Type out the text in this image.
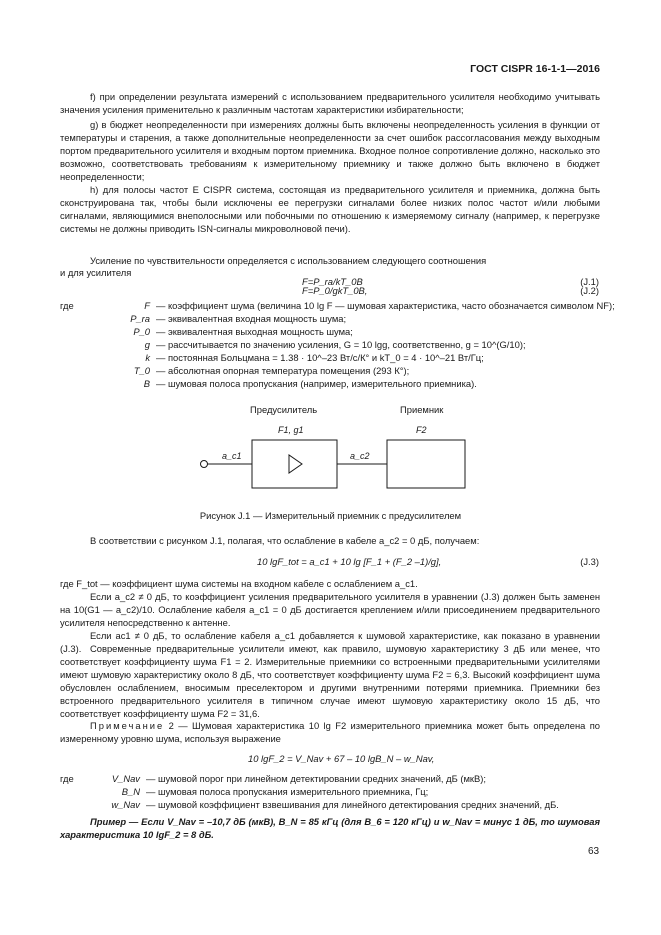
ГОСТ CISPR 16-1-1—2016
f) при определении результата измерений с использованием предварительного усилителя необходимо учитывать значения усиления применительно к различным частотам характеристики избирательности;
g) в бюджет неопределенности при измерениях должны быть включены неопределенность усиления в функции от температуры и старения, а также дополнительные неопределенности за счет ошибок рассогласования между выходным портом предварительного усилителя и входным портом приемника. Входное полное сопротивление должно, насколько это возможно, соответствовать требованиям к измерительному приемнику и также должно быть включено в бюджет неопределенности;
h) для полосы частот E CISPR система, состоящая из предварительного усилителя и приемника, должна быть сконструирована так, чтобы были исключены ее перегрузки сигналами более низких полос частот и/или любыми сигналами, являющимися внеполосными или побочными по отношению к измеряемому сигналу (например, к перегрузке системы не должны приводить ISN-сигналы микроволновой печи).
Усиление по чувствительности определяется с использованием следующего соотношения
F=P_ra/kT_0B	(J.1)
и для усилителя
F=P_0/gkT_0B,	(J.2)
где	F — коэффициент шума (величина 10 lg F — шумовая характеристика, часто обозначается символом NF);
P_ra — эквивалентная входная мощность шума;
P_0 — эквивалентная выходная мощность шума;
g — рассчитывается по значению усиления, G = 10 lgg, соответственно, g = 10^(G/10);
k — постоянная Больцмана = 1.38 · 10^–23 Вт/с/К° и kT_0 = 4 · 10^–21 Вт/Гц;
T_0 — абсолютная опорная температура помещения (293 К°);
B — шумовая полоса пропускания (например, измерительного приемника).
Предусилитель	Приемник
F1, g1	F2
a_c1	a_c2
Рисунок J.1 — Измерительный приемник с предусилителем
В соответствии с рисунком J.1, полагая, что ослабление в кабеле a_c2 = 0 дБ, получаем:
10 lgF_tot = a_c1 + 10 lg [F_1 + (F_2 –1)/g],	(J.3)
где F_tot — коэффициент шума системы на входном кабеле с ослаблением a_c1.
Если a_c2 ≠ 0 дБ, то коэффициент усиления предварительного усилителя в уравнении (J.3) должен быть заменен на 10(G1 — a_c2)/10. Ослабление кабеля a_c1 = 0 дБ достигается креплением и/или присоединением предварительного усилителя непосредственно к антенне.
Если ac1 ≠ 0 дБ, то ослабление кабеля a_c1 добавляется к шумовой характеристике, как показано в уравнении (J.3). Современные предварительные усилители имеют, как правило, шумовую характеристику 3 дБ или менее, что соответствует коэффициенту шума F1 = 2. Измерительные приемники со встроенными предварительными усилителями имеют шумовую характеристику около 8 дБ, что соответствует коэффициенту шума F2 = 6,3. Высокий коэффициент шума обусловлен ослаблением, вносимым преселектором и другими внутренними потерями приемника. Приемники без встроенного предварительного усилителя в типичном случае имеют шумовую характеристику около 15 дБ, что соответствует коэффициенту шума F2 = 31,6.
Примечание 2 — Шумовая характеристика 10 lg F2 измерительного приемника может быть определена по измеренному уровню шума, используя выражение
10 lgF_2 = V_Nav + 67 – 10 lgB_N – w_Nav,
где	V_Nav — шумовой порог при линейном детектировании средних значений, дБ (мкВ);
B_N — шумовая полоса пропускания измерительного приемника, Гц;
w_Nav — шумовой коэффициент взвешивания для линейного детектирования средних значений, дБ.
Пример — Если V_Nav = –10,7 дБ (мкВ), B_N = 85 кГц (для B_6 = 120 кГц) и w_Nav = минус 1 дБ, то шумовая характеристика 10 lgF_2 = 8 дБ.
63
